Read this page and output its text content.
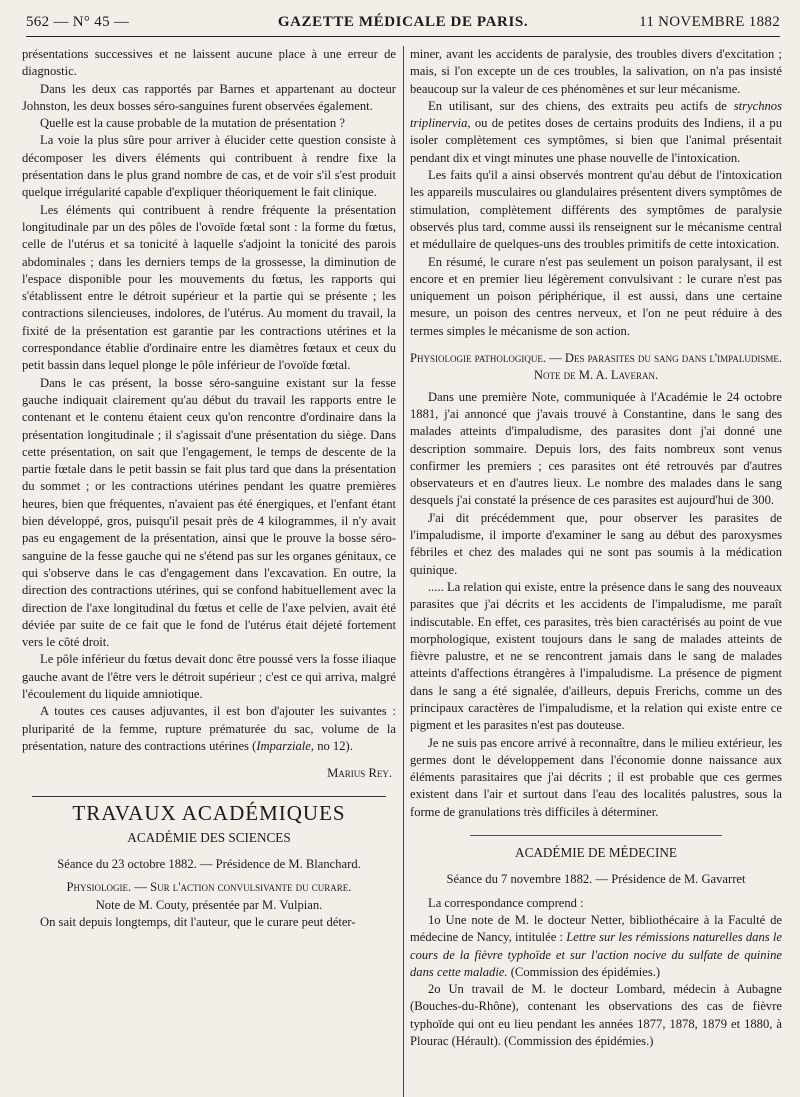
562 — N° 45 —	GAZETTE MÉDICALE DE PARIS.	11 NOVEMBRE 1882

présentations successives et ne laissent aucune place à une erreur de diagnostic.

Dans les deux cas rapportés par Barnes et appartenant au docteur Johnston, les deux bosses séro-sanguines furent observées également.

Quelle est la cause probable de la mutation de présentation ?

La voie la plus sûre pour arriver à élucider cette question consiste à décomposer les divers éléments qui contribuent à rendre fixe la présentation dans le plus grand nombre de cas, et de voir s'il s'est produit quelque irrégularité capable d'expliquer théoriquement le fait clinique.

Les éléments qui contribuent à rendre fréquente la présentation longitudinale par un des pôles de l'ovoïde fœtal sont : la forme du fœtus, celle de l'utérus et sa tonicité à laquelle s'adjoint la tonicité des parois abdominales ; dans les derniers temps de la grossesse, la diminution de l'espace disponible pour les mouvements du fœtus, les rapports qui s'établissent entre le détroit supérieur et la partie qui se présente ; les contractions silencieuses, indolores, de l'utérus. Au moment du travail, la fixité de la présentation est garantie par les contractions utérines et la correspondance établie d'ordinaire entre les diamètres fœtaux et ceux du petit bassin dans lequel plonge le pôle inférieur de l'ovoïde fœtal.

Dans le cas présent, la bosse séro-sanguine existant sur la fesse gauche indiquait clairement qu'au début du travail les rapports entre le contenant et le contenu étaient ceux qu'on rencontre d'ordinaire dans la présentation longitudinale ; il s'agissait d'une présentation du siège. Dans cette présentation, on sait que l'engagement, le temps de descente de la partie fœtale dans le petit bassin se fait plus tard que dans la présentation du sommet ; or les contractions utérines pendant les quatre premières heures, bien que fréquentes, n'avaient pas été énergiques, et l'enfant étant bien développé, gros, puisqu'il pesait près de 4 kilogrammes, il n'y avait pas eu engagement de la présentation, ainsi que le prouve la bosse séro-sanguine de la fesse gauche qui ne s'étend pas sur les organes génitaux, ce qui s'observe dans le cas d'engagement dans l'excavation. En outre, la direction des contractions utérines, qui se confond habituellement avec la direction de l'axe longitudinal du fœtus et celle de l'axe pelvien, avait été déviée par suite de ce fait que le fond de l'utérus était déjeté fortement vers le côté droit.

Le pôle inférieur du fœtus devait donc être poussé vers la fosse iliaque gauche avant de l'être vers le détroit supérieur ; c'est ce qui arriva, malgré l'écoulement du liquide amniotique.

A toutes ces causes adjuvantes, il est bon d'ajouter les suivantes : pluriparité de la femme, rupture prématurée du sac, volume de la présentation, nature des contractions utérines (Imparziale, no 12).

Marius Rey.

TRAVAUX ACADÉMIQUES

ACADÉMIE DES SCIENCES

Séance du 23 octobre 1882. — Présidence de M. Blanchard.

Physiologie. — Sur l'action convulsivante du curare.

Note de M. Couty, présentée par M. Vulpian.

On sait depuis longtemps, dit l'auteur, que le curare peut déter-

miner, avant les accidents de paralysie, des troubles divers d'excitation ; mais, si l'on excepte un de ces troubles, la salivation, on n'a pas insisté beaucoup sur la valeur de ces phénomènes et sur leur mécanisme.

En utilisant, sur des chiens, des extraits peu actifs de strychnos triplinervia, ou de petites doses de certains produits des Indiens, il a pu isoler complètement ces symptômes, si bien que l'animal présentait pendant dix et vingt minutes une phase nouvelle de l'intoxication.

Les faits qu'il a ainsi observés montrent qu'au début de l'intoxication les appareils musculaires ou glandulaires présentent divers symptômes de stimulation, complètement différents des symptômes de paralysie observés plus tard, comme aussi ils renseignent sur le mécanisme central et médullaire de quelques-uns des troubles primitifs de cette intoxication.

En résumé, le curare n'est pas seulement un poison paralysant, il est encore et en premier lieu légèrement convulsivant : le curare n'est pas uniquement un poison périphérique, il est aussi, dans une certaine mesure, un poison des centres nerveux, et l'on ne peut réduire à des termes simples le mécanisme de son action.

Physiologie pathologique. — Des parasites du sang dans l'impaludisme. Note de M. A. Laveran.

Dans une première Note, communiquée à l'Académie le 24 octobre 1881, j'ai annoncé que j'avais trouvé à Constantine, dans le sang des malades atteints d'impaludisme, des parasites dont j'ai donné une description sommaire. Depuis lors, des faits nombreux sont venus confirmer les premiers ; ces parasites ont été retrouvés par d'autres observateurs et en d'autres lieux. Le nombre des malades dans le sang desquels j'ai constaté la présence de ces parasites est aujourd'hui de 300.

J'ai dit précédemment que, pour observer les parasites de l'impaludisme, il importe d'examiner le sang au début des paroxysmes fébriles et chez des malades qui ne sont pas soumis à la médication quinique.

..... La relation qui existe, entre la présence dans le sang des nouveaux parasites que j'ai décrits et les accidents de l'impaludisme, me paraît indiscutable. En effet, ces parasites, très bien caractérisés au point de vue morphologique, existent toujours dans le sang de malades atteints de fièvre palustre, et ne se rencontrent jamais dans le sang de malades atteints d'affections étrangères à l'impaludisme. La présence de pigment dans le sang a été signalée, d'ailleurs, depuis Frerichs, comme un des principaux caractères de l'impaludisme, et la relation qui existe entre ce pigment et les parasites n'est pas douteuse.

Je ne suis pas encore arrivé à reconnaître, dans le milieu extérieur, les germes dont le développement dans l'économie donne naissance aux éléments parasitaires que j'ai décrits ; il est probable que ces germes existent dans l'air et surtout dans l'eau des localités palustres, sous la forme de granulations très difficiles à déterminer.

ACADÉMIE DE MÉDECINE

Séance du 7 novembre 1882. — Présidence de M. Gavarret

La correspondance comprend :

1o Une note de M. le docteur Netter, bibliothécaire à la Faculté de médecine de Nancy, intitulée : Lettre sur les rémissions naturelles dans le cours de la fièvre typhoïde et sur l'action nocive du sulfate de quinine dans cette maladie. (Commission des épidémies.)

2o Un travail de M. le docteur Lombard, médecin à Aubagne (Bouches-du-Rhône), contenant les observations des cas de fièvre typhoïde qui ont eu lieu pendant les années 1877, 1878, 1879 et 1880, à Plourac (Hérault). (Commission des épidémies.)
